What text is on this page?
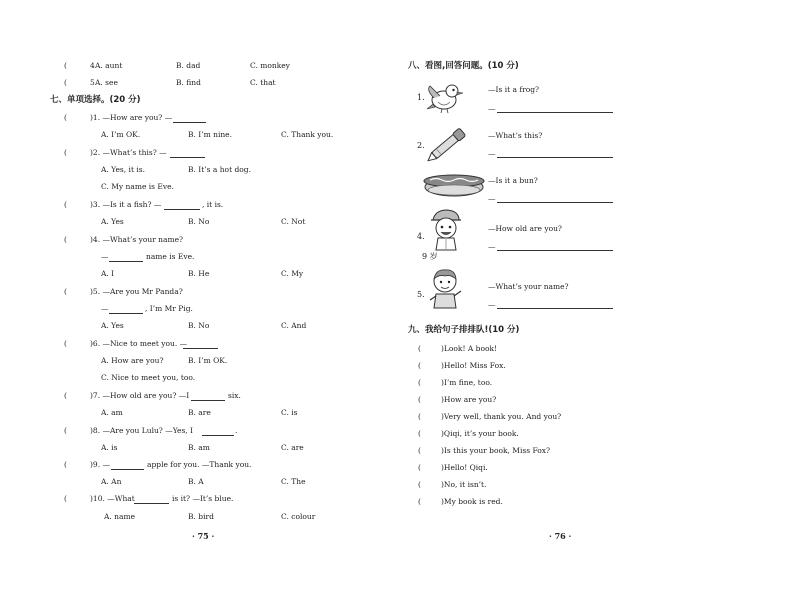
(	4 A. aunt	B. dad	C. monkey
(	5 A. see	B. find	C. that
七、单项选择。(20 分)
(	)1. —How are you? —
A. I’m OK.	B. I’m nine.	C. Thank you.
(	)2. —What’s this? —
A. Yes, it is.	B. It’s a hot dog.
C. My name is Eve.
(	)3. —Is it a fish? —	, it is.
A. Yes	B. No	C. Not
(	)4. —What’s your name?
—	name is Eve.
A. I	B. He	C. My
(	)5. —Are you Mr Panda?
—	, I’m Mr Pig.
A. Yes	B. No	C. And
(	)6. —Nice to meet you. —
A. How are you?	B. I’m OK.
C. Nice to meet you, too.
(	)7. —How old are you? —I	six.
A. am	B. are	C. is
(	)8. —Are you Lulu? —Yes, I	.
A. is	B. am	C. are
(	)9. —	apple for you. —Thank you.
A. An	B. A	C. The
(	)10. —What	is it? —It’s blue.
A. name	B. bird	C. colour
· 75 ·
八、看图,回答问题。(10 分)
1.
—Is it a frog?
—
2.
—What’s this?
—
—Is it a bun?
—
4.
9 岁
—How old are you?
—
5.
—What’s your name?
—
九、我给句子排排队!(10 分)
(	)Look! A book!
(	)Hello! Miss Fox.
(	)I’m fine, too.
(	)How are you?
(	)Very well, thank you. And you?
(	)Qiqi, it’s your book.
(	)Is this your book, Miss Fox?
(	)Hello! Qiqi.
(	)No, it isn’t.
(	)My book is red.
· 76 ·
